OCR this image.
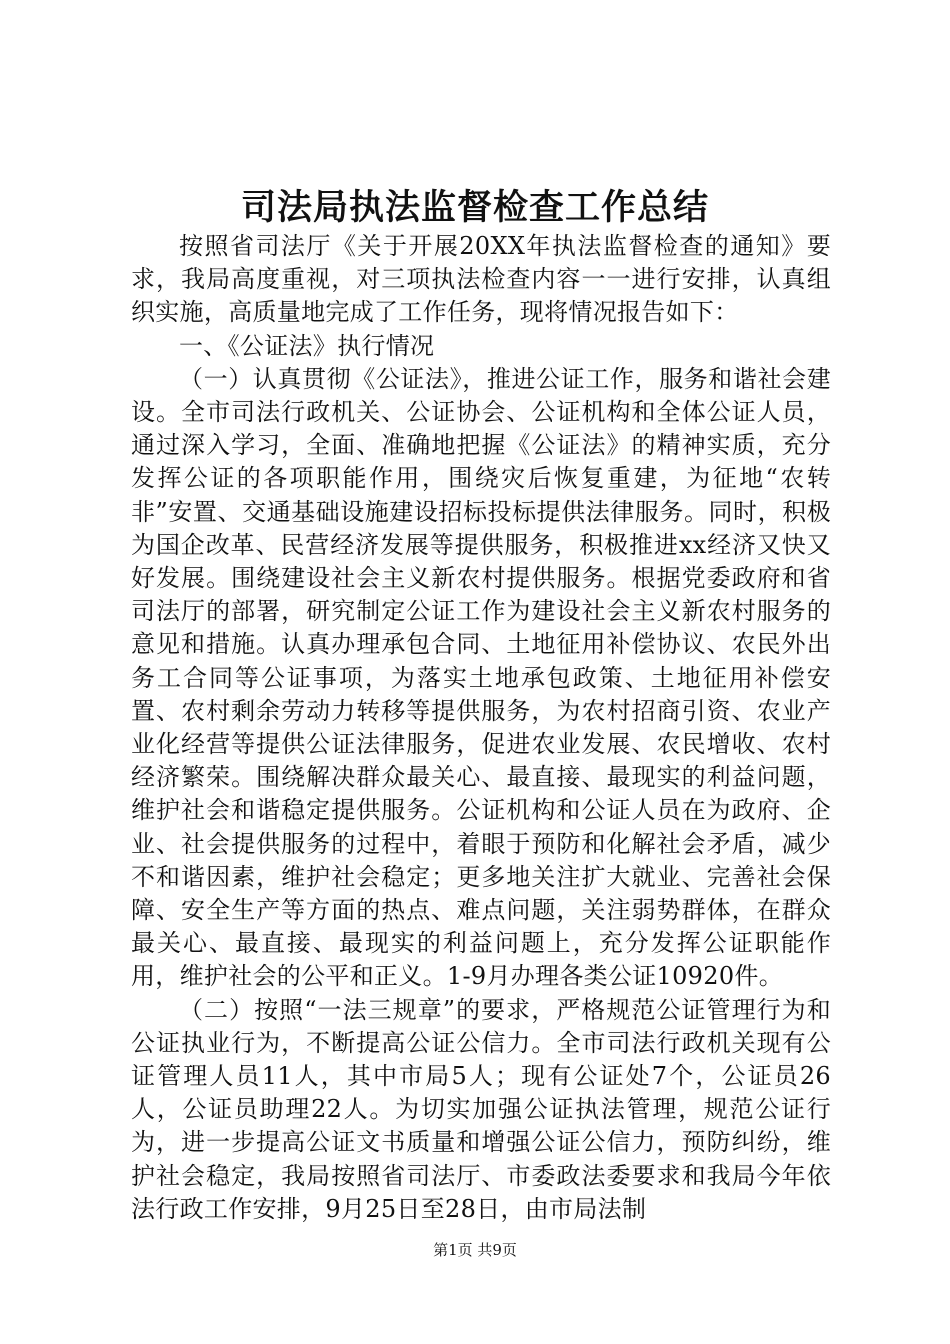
司法局执法监督检查工作总结

按照省司法厅《关于开展20XX年执法监督检查的通知》要求，我局高度重视，对三项执法检查内容一一进行安排，认真组织实施，高质量地完成了工作任务，现将情况报告如下：

一、《公证法》执行情况

（一）认真贯彻《公证法》，推进公证工作，服务和谐社会建设。全市司法行政机关、公证协会、公证机构和全体公证人员，通过深入学习，全面、准确地把握《公证法》的精神实质，充分发挥公证的各项职能作用，围绕灾后恢复重建，为征地“农转非”安置、交通基础设施建设招标投标提供法律服务。同时，积极为国企改革、民营经济发展等提供服务，积极推进xx经济又快又好发展。围绕建设社会主义新农村提供服务。根据党委政府和省司法厅的部署，研究制定公证工作为建设社会主义新农村服务的意见和措施。认真办理承包合同、土地征用补偿协议、农民外出务工合同等公证事项，为落实土地承包政策、土地征用补偿安置、农村剩余劳动力转移等提供服务，为农村招商引资、农业产业化经营等提供公证法律服务，促进农业发展、农民增收、农村经济繁荣。围绕解决群众最关心、最直接、最现实的利益问题，维护社会和谐稳定提供服务。公证机构和公证人员在为政府、企业、社会提供服务的过程中，着眼于预防和化解社会矛盾，减少不和谐因素，维护社会稳定；更多地关注扩大就业、完善社会保障、安全生产等方面的热点、难点问题，关注弱势群体，在群众最关心、最直接、最现实的利益问题上，充分发挥公证职能作用，维护社会的公平和正义。1-9月办理各类公证10920件。

（二）按照“一法三规章”的要求，严格规范公证管理行为和公证执业行为，不断提高公证公信力。全市司法行政机关现有公证管理人员11人，其中市局5人；现有公证处7个，公证员26人，公证员助理22人。为切实加强公证执法管理，规范公证行为，进一步提高公证文书质量和增强公证公信力，预防纠纷，维护社会稳定，我局按照省司法厅、市委政法委要求和我局今年依法行政工作安排，9月25日至28日，由市局法制

第1页 共9页
